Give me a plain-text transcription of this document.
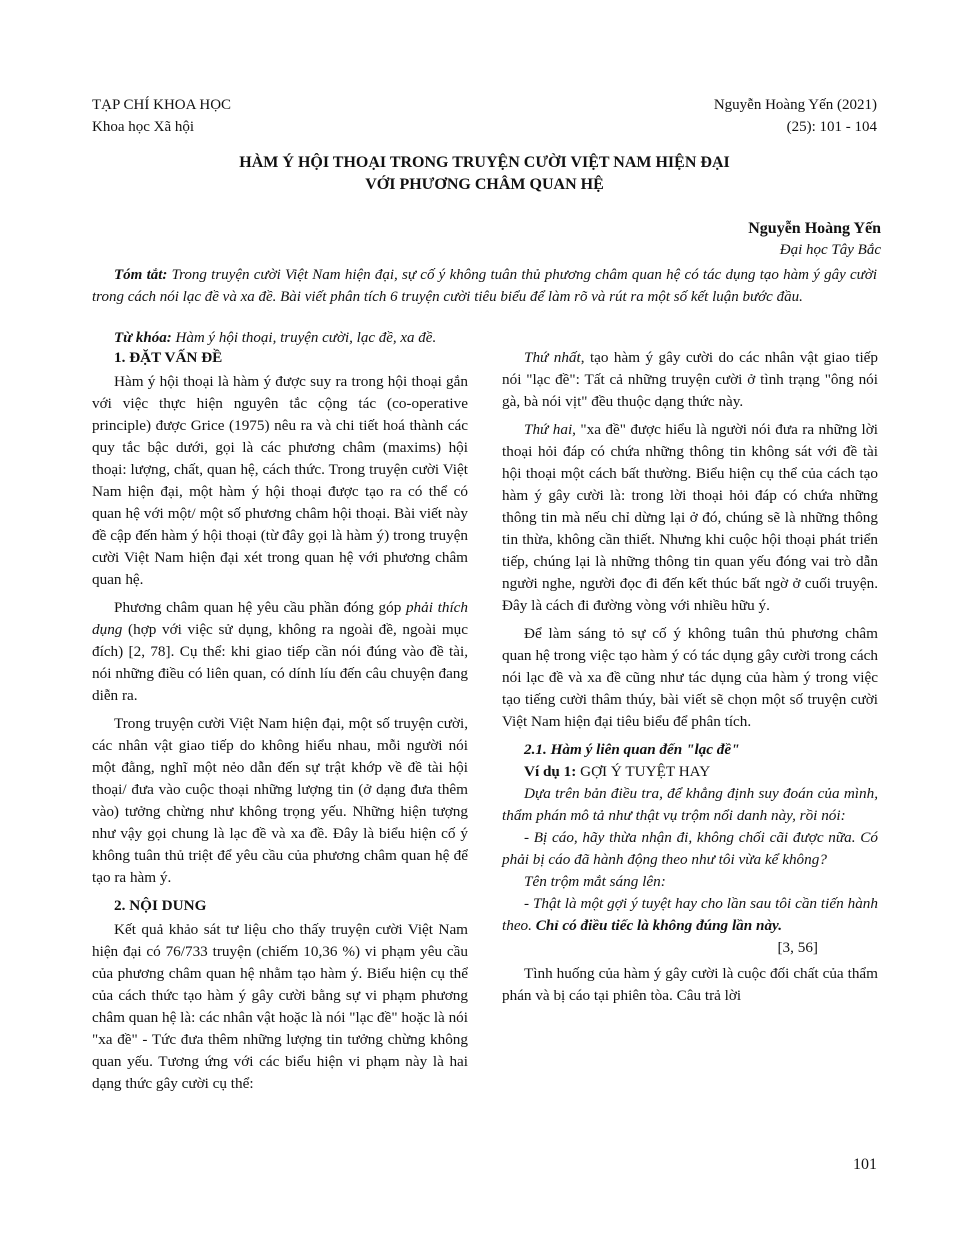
TẠP CHÍ KHOA HỌC
Khoa học Xã hội
Nguyễn Hoàng Yến (2021)
(25): 101 - 104
HÀM Ý HỘI THOẠI TRONG TRUYỆN CƯỜI VIỆT NAM HIỆN ĐẠI
VỚI PHƯƠNG CHÂM QUAN HỆ
Nguyễn Hoàng Yến
Đại học Tây Bắc
Tóm tắt: Trong truyện cười Việt Nam hiện đại, sự cố ý không tuân thủ phương châm quan hệ có tác dụng tạo hàm ý gây cười trong cách nói lạc đề và xa đề. Bài viết phân tích 6 truyện cười tiêu biểu để làm rõ và rút ra một số kết luận bước đầu.
Từ khóa: Hàm ý hội thoại, truyện cười, lạc đề, xa đề.
1. ĐẶT VẤN ĐỀ

Hàm ý hội thoại là hàm ý được suy ra trong hội thoại gắn với việc thực hiện nguyên tắc cộng tác (co-operative principle) được Grice (1975) nêu ra và chi tiết hoá thành các quy tắc bậc dưới, gọi là các phương châm (maxims) hội thoại: lượng, chất, quan hệ, cách thức. Trong truyện cười Việt Nam hiện đại, một hàm ý hội thoại được tạo ra có thể có quan hệ với một/ một số phương châm hội thoại. Bài viết này đề cập đến hàm ý hội thoại (từ đây gọi là hàm ý) trong truyện cười Việt Nam hiện đại xét trong quan hệ với phương châm quan hệ.

Phương châm quan hệ yêu cầu phần đóng góp phải thích dụng (hợp với việc sử dụng, không ra ngoài đề, ngoài mục đích) [2, 78]. Cụ thể: khi giao tiếp cần nói đúng vào đề tài, nói những điều có liên quan, có dính líu đến câu chuyện đang diễn ra.

Trong truyện cười Việt Nam hiện đại, một số truyện cười, các nhân vật giao tiếp do không hiểu nhau, mỗi người nói một đằng, nghĩ một nẻo dẫn đến sự trật khớp về đề tài hội thoại/ đưa vào cuộc thoại những lượng tin (ở dạng đưa thêm vào) tưởng chừng như không trọng yếu. Những hiện tượng như vậy gọi chung là lạc đề và xa đề. Đây là biểu hiện cố ý không tuân thủ triệt để yêu cầu của phương châm quan hệ để tạo ra hàm ý.

2. NỘI DUNG

Kết quả khảo sát tư liệu cho thấy truyện cười Việt Nam hiện đại có 76/733 truyện (chiếm 10,36 %) vi phạm yêu cầu của phương châm quan hệ nhằm tạo hàm ý. Biểu hiện cụ thể của cách thức tạo hàm ý gây cười bằng sự vi phạm phương châm quan hệ là: các nhân vật hoặc là nói "lạc đề" hoặc là nói "xa đề" - Tức đưa thêm những lượng tin tưởng chừng không quan yếu. Tương ứng với các biểu hiện vi phạm này là hai dạng thức gây cười cụ thể:

Thứ nhất, tạo hàm ý gây cười do các nhân vật giao tiếp nói "lạc đề": Tất cả những truyện cười ở tình trạng "ông nói gà, bà nói vịt" đều thuộc dạng thức này.

Thứ hai, "xa đề" được hiểu là người nói đưa ra những lời thoại hỏi đáp có chứa những thông tin không sát với đề tài hội thoại một cách bất thường. Biểu hiện cụ thể của cách tạo hàm ý gây cười là: trong lời thoại hỏi đáp có chứa những thông tin mà nếu chỉ dừng lại ở đó, chúng sẽ là những thông tin thừa, không cần thiết. Nhưng khi cuộc hội thoại phát triển tiếp, chúng lại là những thông tin quan yếu đóng vai trò dẫn người nghe, người đọc đi đến kết thúc bất ngờ ở cuối truyện. Đây là cách đi đường vòng với nhiều hữu ý.

Để làm sáng tỏ sự cố ý không tuân thủ phương châm quan hệ trong việc tạo hàm ý có tác dụng gây cười trong cách nói lạc đề và xa đề cũng như tác dụng của hàm ý trong việc tạo tiếng cười thâm thúy, bài viết sẽ chọn một số truyện cười Việt Nam hiện đại tiêu biểu để phân tích.

2.1. Hàm ý liên quan đến "lạc đề"
Ví dụ 1: GỢI Ý TUYỆT HAY

Dựa trên bản điều tra, để khẳng định suy đoán của mình, thẩm phán mô tả như thật vụ trộm nổi danh này, rồi nói:

- Bị cáo, hãy thừa nhận đi, không chối cãi được nữa. Có phải bị cáo đã hành động theo như tôi vừa kể không?

Tên trộm mắt sáng lên:

- Thật là một gợi ý tuyệt hay cho lần sau tôi cần tiến hành theo. Chỉ có điều tiếc là không đúng lần này.

[3, 56]

Tình huống của hàm ý gây cười là cuộc đối chất của thẩm phán và bị cáo tại phiên tòa. Câu trả lời

101
